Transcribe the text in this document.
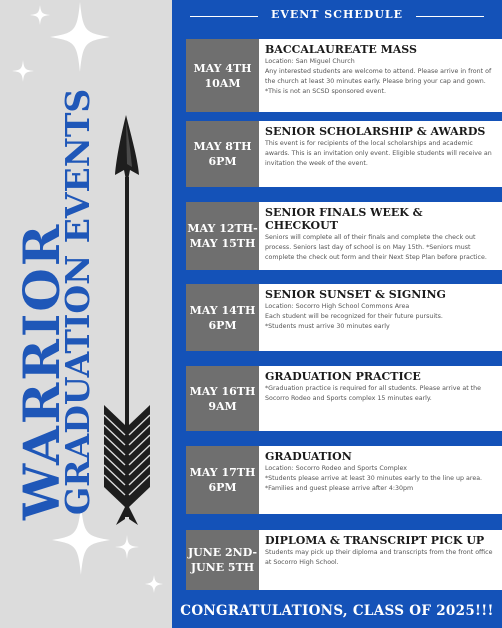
WARRIOR
GRADUATION EVENTS
EVENT SCHEDULE
MAY 4TH
10AM
BACCALAUREATE MASS
Location: San Miguel Church
Any interested students are welcome to attend. Please arrive in front of the church at least 30 minutes early. Please bring your cap and gown. *This is not an SCSD sponsored event.
MAY 8TH
6PM
SENIOR SCHOLARSHIP & AWARDS
This event is for recipients of the local scholarships and academic awards. This is an invitation only event. Eligible students will receive an invitation the week of the event.
MAY 12TH-
MAY 15TH
SENIOR FINALS WEEK & CHECKOUT
Seniors will complete all of their finals and complete the check out process. Seniors last day of school is on May 15th. *Seniors must complete the check out form and their Next Step Plan before practice.
MAY 14TH
6PM
SENIOR SUNSET & SIGNING
Location: Socorro High School Commons Area
Each student will be recognized for their future pursuits.
*Students must arrive 30 minutes early
MAY 16TH
9AM
GRADUATION PRACTICE
*Graduation practice is required for all students. Please arrive at the Socorro Rodeo and Sports complex 15 minutes early.
MAY 17TH
6PM
GRADUATION
Location: Socorro Rodeo and Sports Complex
*Students please arrive at least 30 minutes early to the line up area.
*Families and guest please arrive after 4:30pm
JUNE 2ND-
JUNE 5TH
DIPLOMA & TRANSCRIPT PICK UP
Students may pick up their diploma and transcripts from the front office at Socorro High School.
CONGRATULATIONS, CLASS OF 2025!!!
